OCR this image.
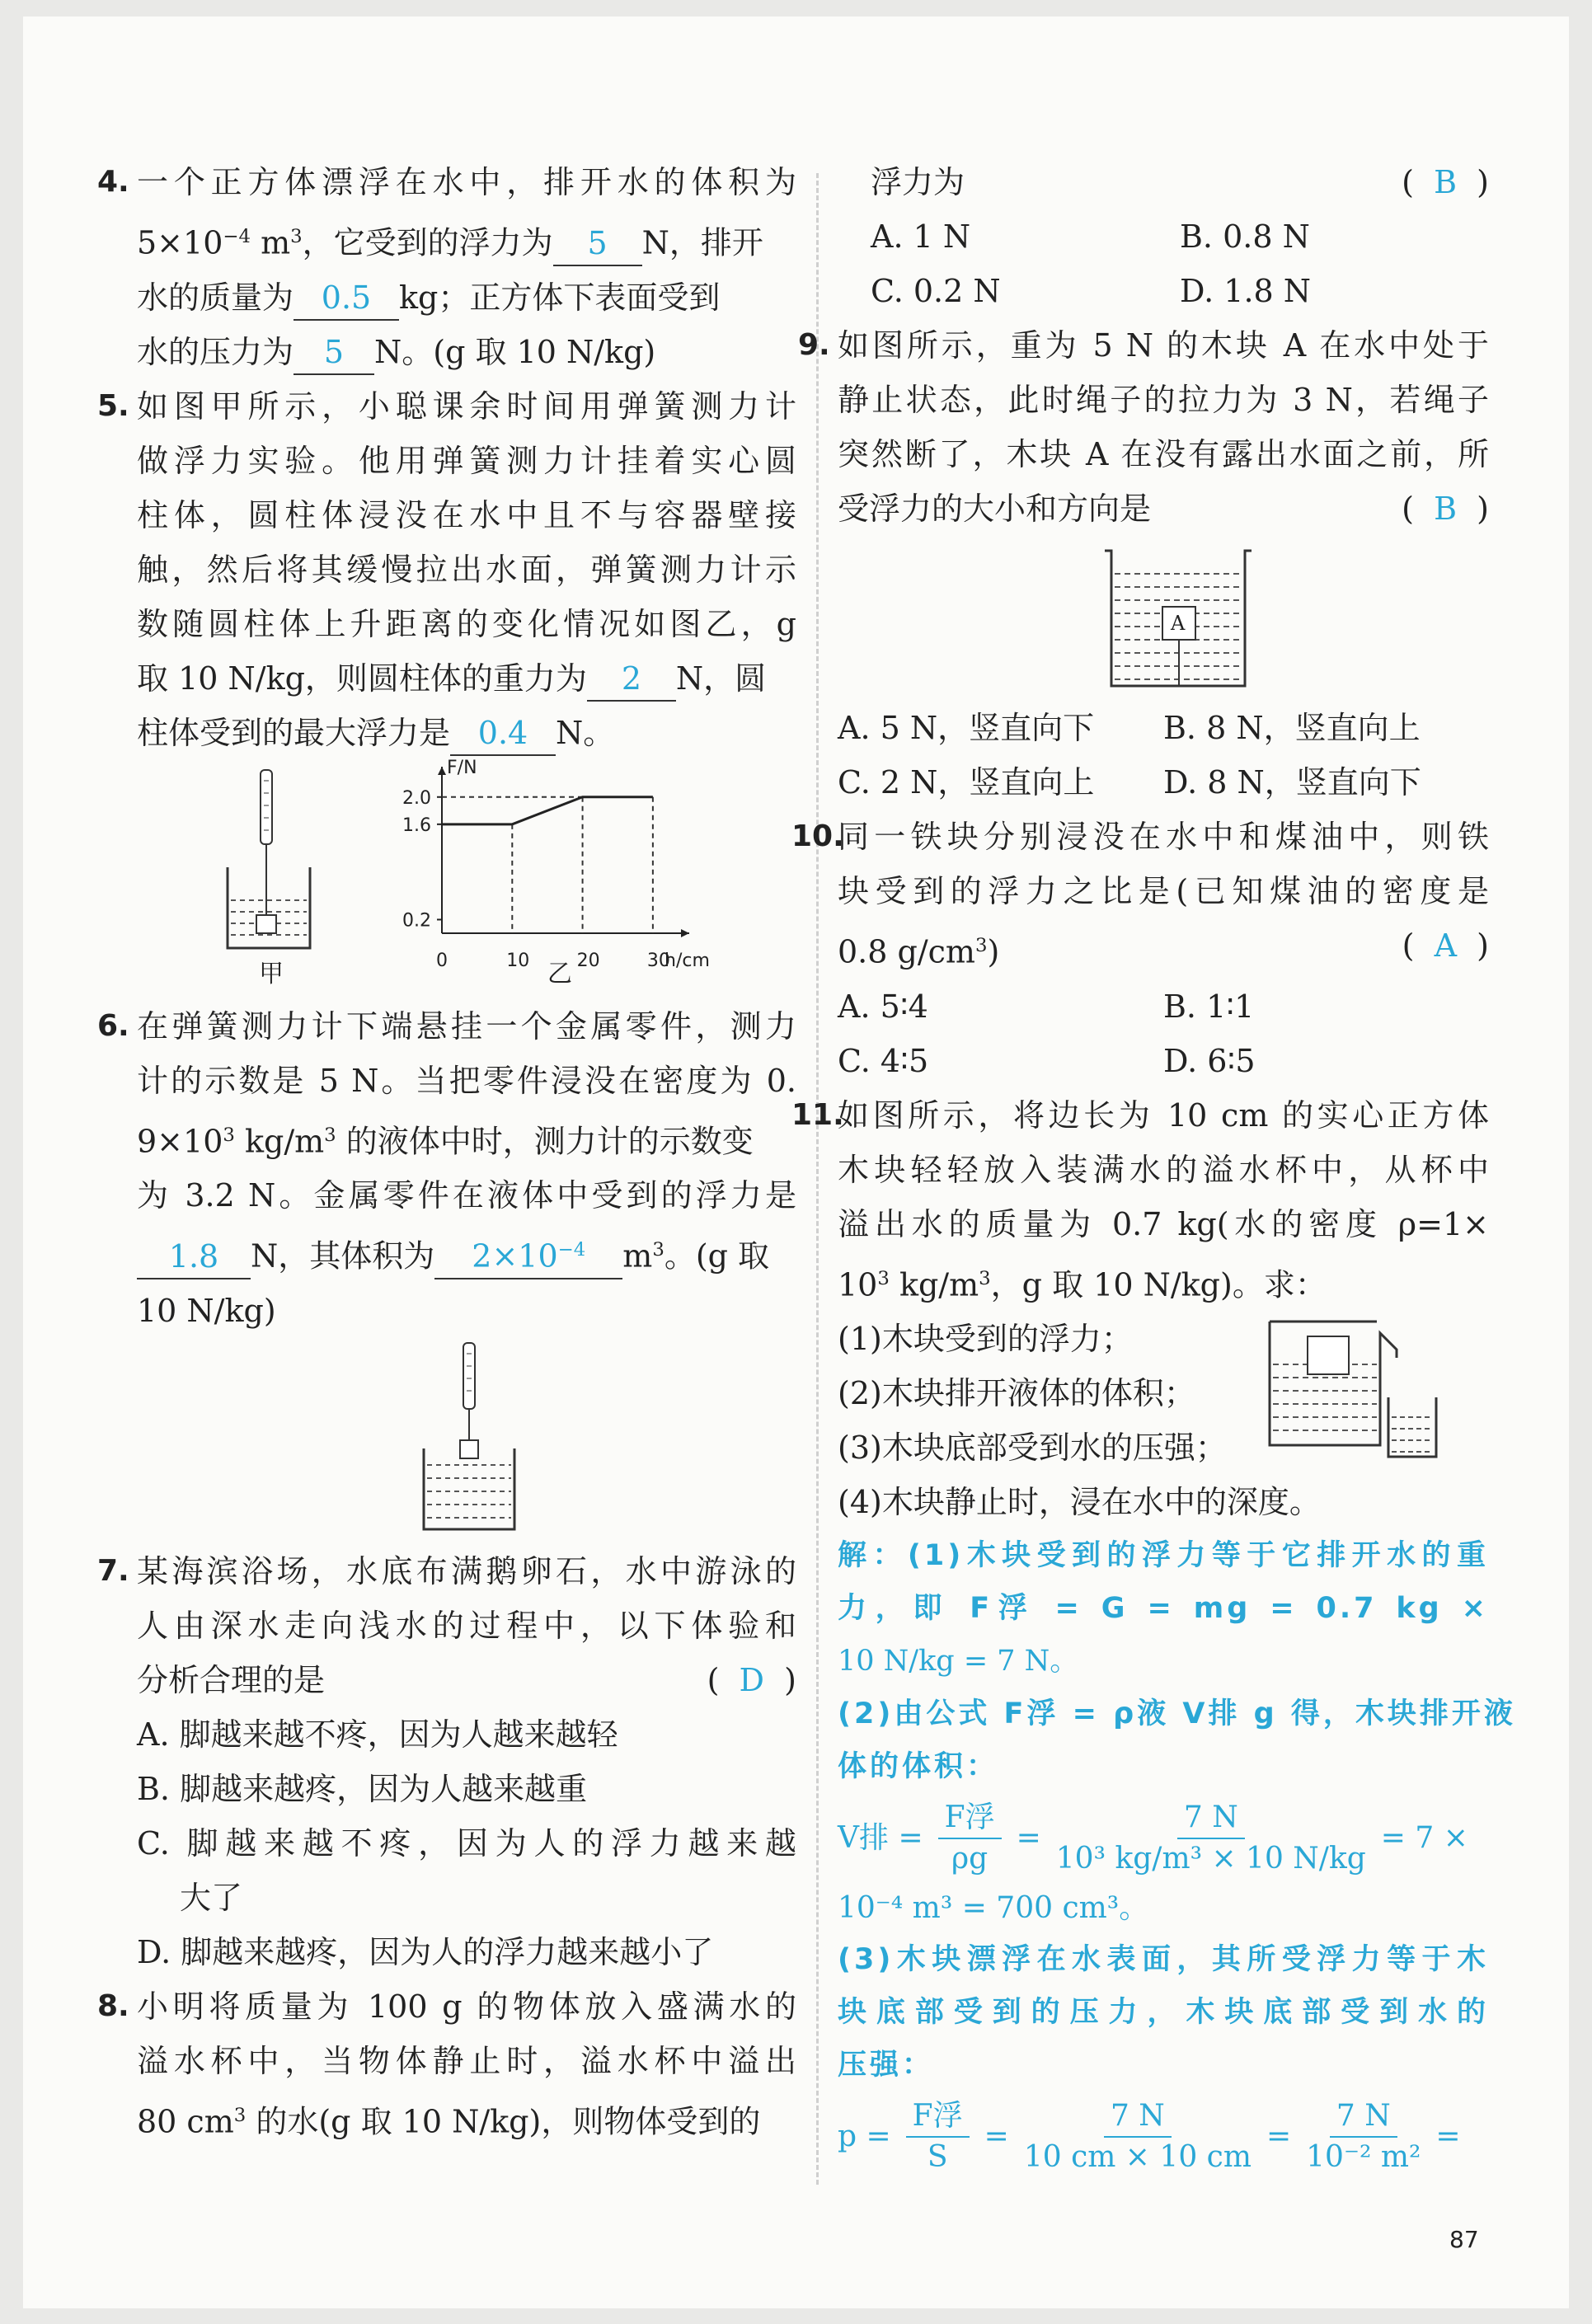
4. 一个正方体漂浮在水中，排开水的体积为
$5\times 10^{-4}$ $m^3$，它受到的浮力为 5 N，排开
水的质量为 0.5 kg；正方体下表面受到
水的压力为 5 N。(g 取 10 N/kg)
5. 如图甲所示，小聪课余时间用弹簧测力计
做浮力实验。他用弹簧测力计挂着实心圆
柱体，圆柱体浸没在水中且不与容器壁接
触，然后将其缓慢拉出水面，弹簧测力计示
数随圆柱体上升距离的变化情况如图乙，g
取 10 N/kg，则圆柱体的重力为 2 N，圆
柱体受到的最大浮力是 0.4 N。
甲
F/N
h/cm
0	10	20	30
0.2
1.6
2.0
乙
6. 在弹簧测力计下端悬挂一个金属零件，测力
计的示数是 5 N。当把零件浸没在密度为 0.
$9\times 10^3$ $kg/m^3$ 的液体中时，测力计的示数变
为 3.2 N。金属零件在液体中受到的浮力是
1.8 N，其体积为 $2\times 10^{-4}$ $m^3$。(g 取
10 N/kg)
7. 某海滨浴场，水底布满鹅卵石，水中游泳的
人由深水走向浅水的过程中，以下体验和
分析合理的是	(  D  )
A. 脚越来越不疼，因为人越来越轻
B. 脚越来越疼，因为人越来越重
C. 脚越来越不疼，因为人的浮力越来越
大了
D. 脚越来越疼，因为人的浮力越来越小了
8. 小明将质量为 100 g 的物体放入盛满水的
溢水杯中，当物体静止时，溢水杯中溢出
80 $cm^3$ 的水(g 取 10 N/kg)，则物体受到的
浮力为	(  B  )
A. 1 N	B. 0.8 N
C. 0.2 N	D. 1.8 N
9. 如图所示，重为 5 N 的木块 A 在水中处于
静止状态，此时绳子的拉力为 3 N，若绳子
突然断了，木块 A 在没有露出水面之前，所
受浮力的大小和方向是	(  B  )
A
A. 5 N，竖直向下	B. 8 N，竖直向上
C. 2 N，竖直向上	D. 8 N，竖直向下
10.
同一铁块分别浸没在水中和煤油中，则铁
块受到的浮力之比是(已知煤油的密度是
0.8 $g/cm^3$)	(  A  )
A. 5∶4	B. 1∶1
C. 4∶5	D. 6∶5
11.
如图所示，将边长为 10 cm 的实心正方体
木块轻轻放入装满水的溢水杯中，从杯中
溢出水的质量为 0.7 kg(水的密度 ρ=1×
$10^3$ $kg/m^3$，g 取 10 N/kg)。求：
(1)木块受到的浮力；
(2)木块排开液体的体积；
(3)木块底部受到水的压强；
(4)木块静止时，浸在水中的深度。
解：(1)木块受到的浮力等于它排开水的重
力，即 F浮 = G = mg = 0.7 kg ×
10 N/kg = 7 N。
(2)由公式 F浮 = ρ液 V排 g 得，木块排开液
体的体积：
V排 = $\frac{\text{F浮}}{\rho g} = \frac{7 N}{\text{10³ kg/m³ × 10 N/kg}} = 7$ ×
10⁻⁴ m³ = 700 cm³。
(3)木块漂浮在水表面，其所受浮力等于木
块底部受到的压力，木块底部受到水的
压强：
$p = \frac{\text{F浮}}{S} = \frac{7 N}{10 cm \times 10 cm} = \frac{7 N}{\text{10⁻² m²}}$ =
87
